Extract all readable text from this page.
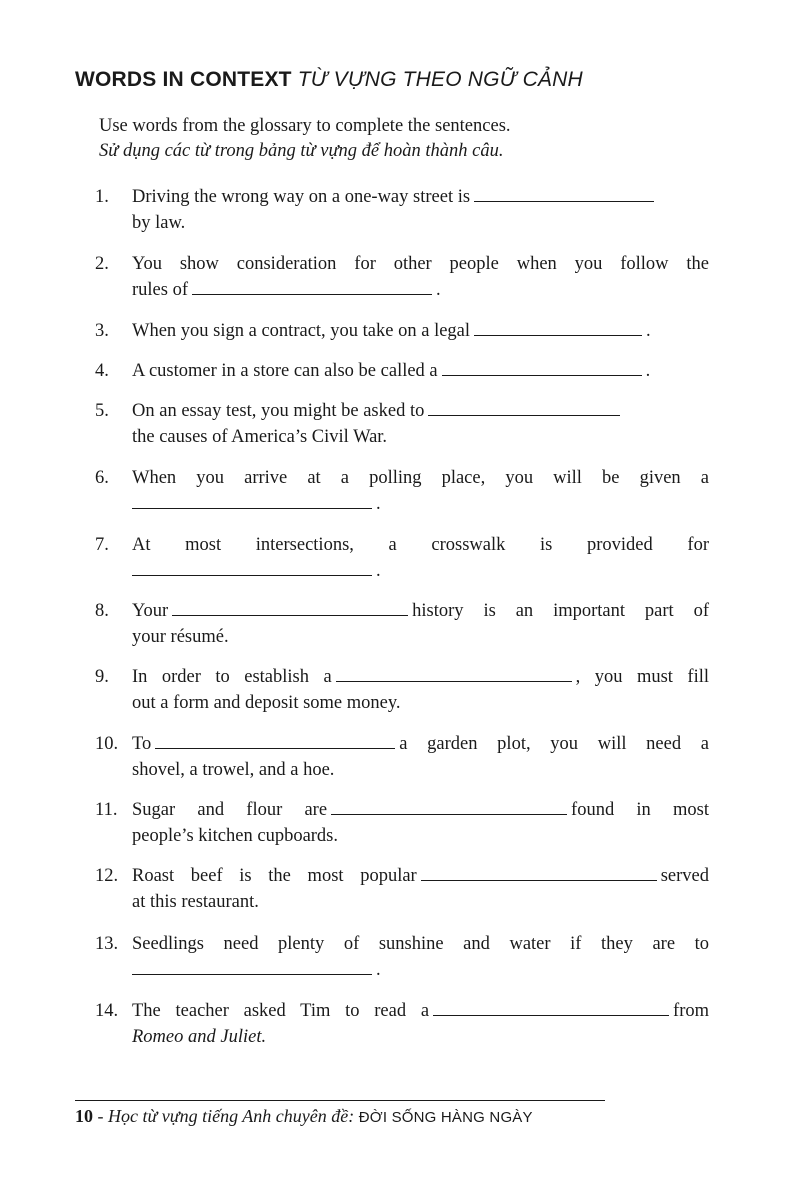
WORDS IN CONTEXT TỪ VỰNG THEO NGỮ CẢNH
Use words from the glossary to complete the sentences.
Sử dụng các từ trong bảng từ vựng để hoàn thành câu.
1. Driving the wrong way on a one-way street is
by law.
2. You show consideration for other people when you follow the
rules of	.
3. When you sign a contract, you take on a legal	.
4. A customer in a store can also be called a	.
5. On an essay test, you might be asked to
the causes of America’s Civil War.
6. When you arrive at a polling place, you will be given a
.
7. At most intersections, a crosswalk is provided for
.
8. Your	history is an important part of
your résumé.
9. In order to establish a	, you must fill
out a form and deposit some money.
10. To	a garden plot, you will need a
shovel, a trowel, and a hoe.
11. Sugar and flour are	found in most
people’s kitchen cupboards.
12. Roast beef is the most popular	served
at this restaurant.
13. Seedlings need plenty of sunshine and water if they are to
.
14. The teacher asked Tim to read a	from
Romeo and Juliet.
10 - Học từ vựng tiếng Anh chuyên đề: ĐỜI SỐNG HÀNG NGÀY
